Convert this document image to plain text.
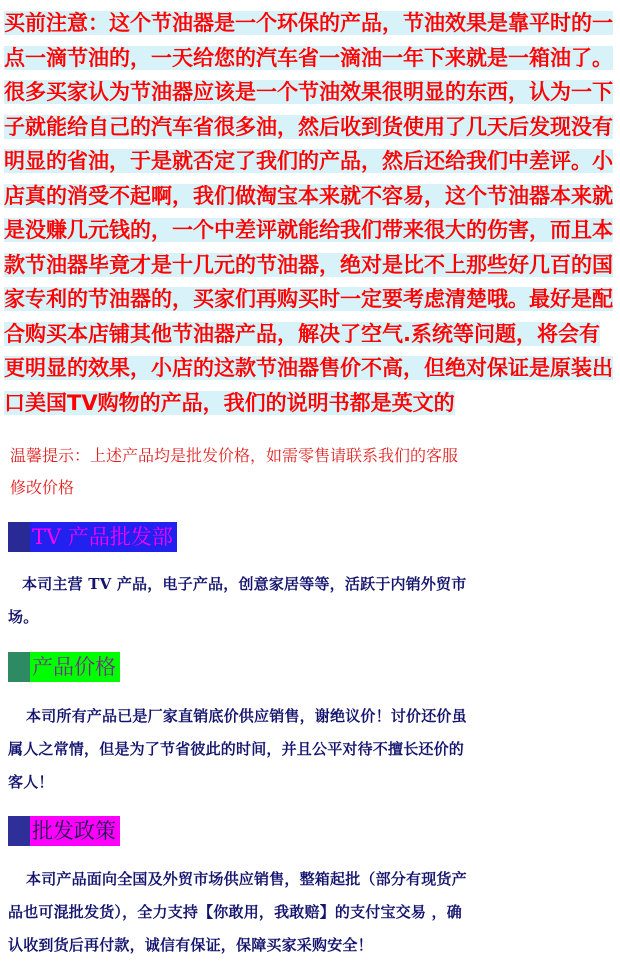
买前注意：这个节油器是一个环保的产品，节油效果是靠平时的一点一滴节油的，一天给您的汽车省一滴油一年下来就是一箱油了。很多买家认为节油器应该是一个节油效果很明显的东西，认为一下子就能给自己的汽车省很多油，然后收到货使用了几天后发现没有明显的省油，于是就否定了我们的产品，然后还给我们中差评。小店真的消受不起啊，我们做淘宝本来就不容易，这个节油器本来就是没赚几元钱的，一个中差评就能给我们带来很大的伤害，而且本款节油器毕竟才是十几元的节油器，绝对是比不上那些好几百的国家专利的节油器的，买家们再购买时一定要考虑清楚哦。最好是配合购买本店铺其他节油器产品，解决了空气.系统等问题，将会有更明显的效果，小店的这款节油器售价不高，但绝对保证是原装出口美国TV购物的产品，我们的说明书都是英文的
温馨提示：上述产品均是批发价格，如需零售请联系我们的客服修改价格
TV 产品批发部
本司主营 TV 产品，电子产品，创意家居等等，活跃于内销外贸市场。
产品价格
本司所有产品已是厂家直销底价供应销售，谢绝议价！讨价还价虽属人之常情，但是为了节省彼此的时间，并且公平对待不擅长还价的客人！
批发政策
本司产品面向全国及外贸市场供应销售，整箱起批（部分有现货产品也可混批发货），全力支持【你敢用，我敢赔】的支付宝交易 ，确认收到货后再付款，诚信有保证，保障买家采购安全！
